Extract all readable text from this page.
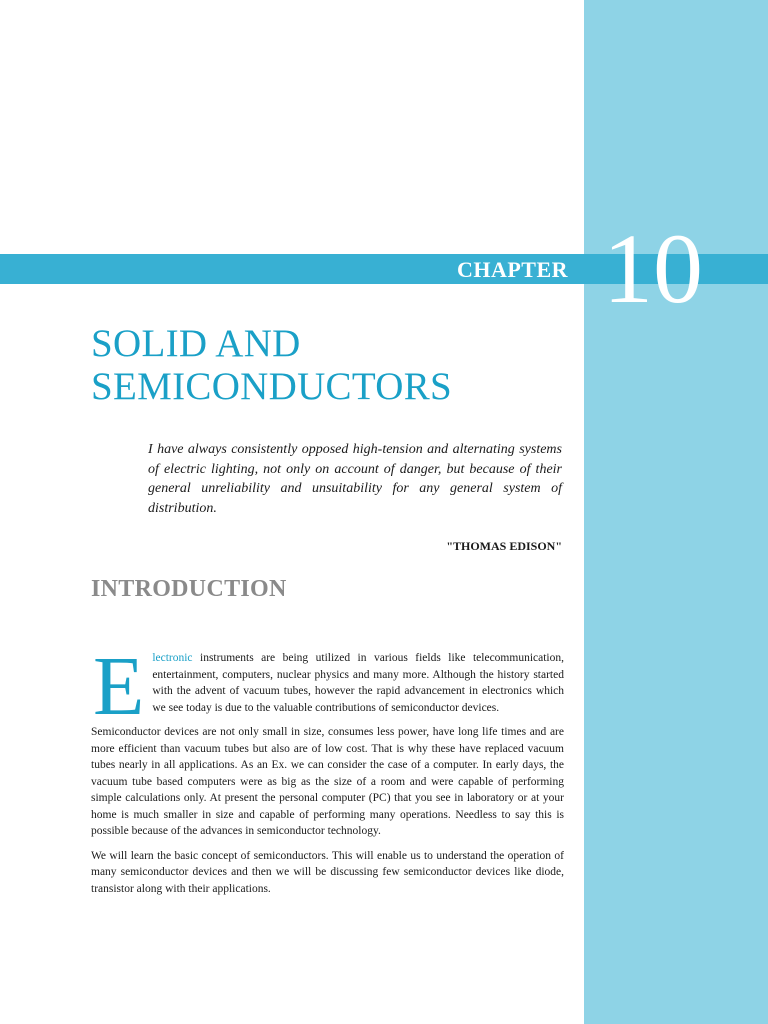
CHAPTER 10
SOLID AND
SEMICONDUCTORS

I have always consistently opposed high-tension and alternating systems of electric lighting, not only on account of danger, but because of their general unreliability and unsuitability for any general system of distribution.

"THOMAS EDISON"
INTRODUCTION

Electronic instruments are being utilized in various fields like telecommunication, entertainment, computers, nuclear physics and many more. Although the history started with the advent of vacuum tubes, however the rapid advancement in electronics which we see today is due to the valuable contributions of semiconductor devices.

Semiconductor devices are not only small in size, consumes less power, have long life times and are more efficient than vacuum tubes but also are of low cost. That is why these have replaced vacuum tubes nearly in all applications. As an Ex. we can consider the case of a computer. In early days, the vacuum tube based computers were as big as the size of a room and were capable of performing simple calculations only. At present the personal computer (PC) that you see in laboratory or at your home is much smaller in size and capable of performing many operations. Needless to say this is possible because of the advances in semiconductor technology.

We will learn the basic concept of semiconductors. This will enable us to understand the operation of many semiconductor devices and then we will be discussing few semiconductor devices like diode, transistor along with their applications.
